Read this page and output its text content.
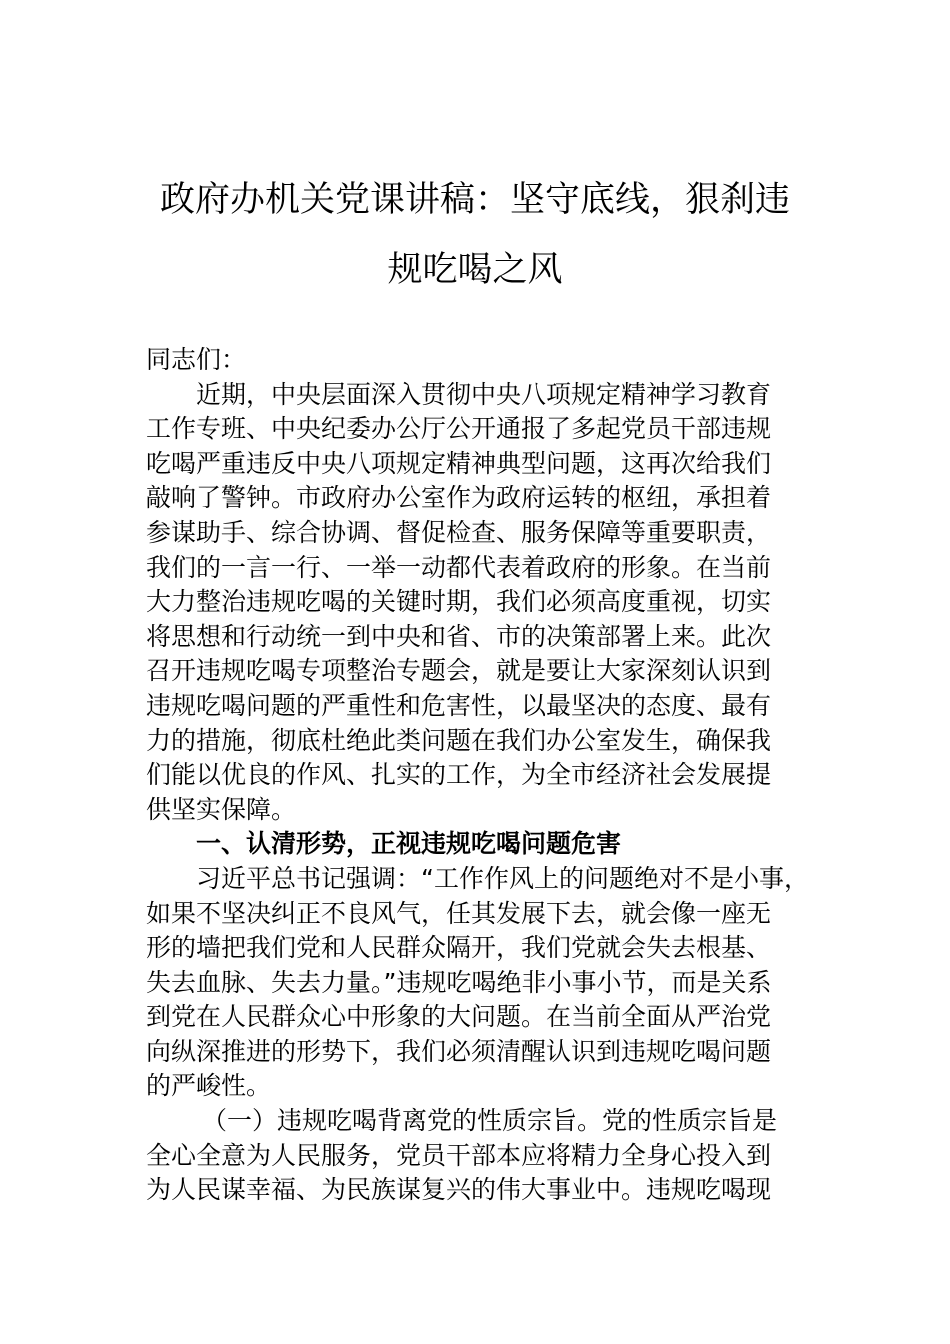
政府办机关党课讲稿：坚守底线，狠刹违
规吃喝之风
同志们：
近期，中央层面深入贯彻中央八项规定精神学习教育
工作专班、中央纪委办公厅公开通报了多起党员干部违规
吃喝严重违反中央八项规定精神典型问题，这再次给我们
敲响了警钟。市政府办公室作为政府运转的枢纽，承担着
参谋助手、综合协调、督促检查、服务保障等重要职责，
我们的一言一行、一举一动都代表着政府的形象。在当前
大力整治违规吃喝的关键时期，我们必须高度重视，切实
将思想和行动统一到中央和省、市的决策部署上来。此次
召开违规吃喝专项整治专题会，就是要让大家深刻认识到
违规吃喝问题的严重性和危害性，以最坚决的态度、最有
力的措施，彻底杜绝此类问题在我们办公室发生，确保我
们能以优良的作风、扎实的工作，为全市经济社会发展提
供坚实保障。
一、认清形势，正视违规吃喝问题危害
习近平总书记强调：“工作作风上的问题绝对不是小事，
如果不坚决纠正不良风气，任其发展下去，就会像一座无
形的墙把我们党和人民群众隔开，我们党就会失去根基、
失去血脉、失去力量。”违规吃喝绝非小事小节，而是关系
到党在人民群众心中形象的大问题。在当前全面从严治党
向纵深推进的形势下，我们必须清醒认识到违规吃喝问题
的严峻性。
（一）违规吃喝背离党的性质宗旨。党的性质宗旨是
全心全意为人民服务，党员干部本应将精力全身心投入到
为人民谋幸福、为民族谋复兴的伟大事业中。违规吃喝现
